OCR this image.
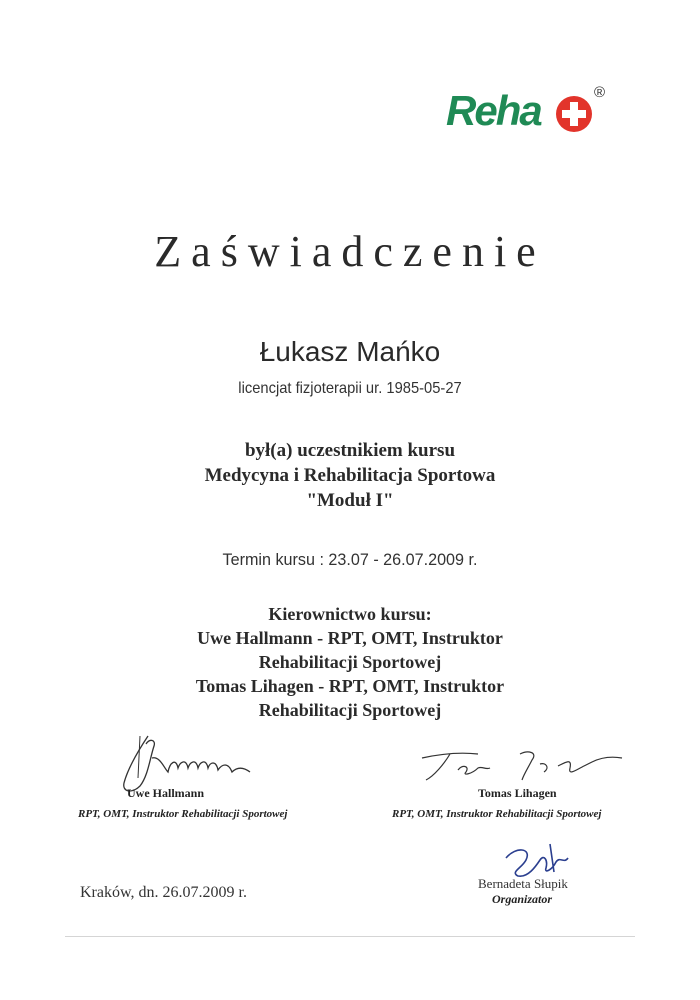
Reha	®
Zaświadczenie
Łukasz Mańko
licencjat fizjoterapii ur. 1985-05-27
był(a) uczestnikiem kursu
Medycyna i Rehabilitacja Sportowa
"Moduł I"
Termin kursu : 23.07 - 26.07.2009 r.
Kierownictwo kursu:
Uwe Hallmann - RPT, OMT, Instruktor
Rehabilitacji Sportowej
Tomas Lihagen - RPT, OMT, Instruktor
Rehabilitacji Sportowej
Uwe Hallmann
RPT, OMT, Instruktor Rehabilitacji Sportowej
Tomas Lihagen
RPT, OMT, Instruktor Rehabilitacji Sportowej
Bernadeta Słupik
Organizator
Kraków, dn. 26.07.2009 r.
